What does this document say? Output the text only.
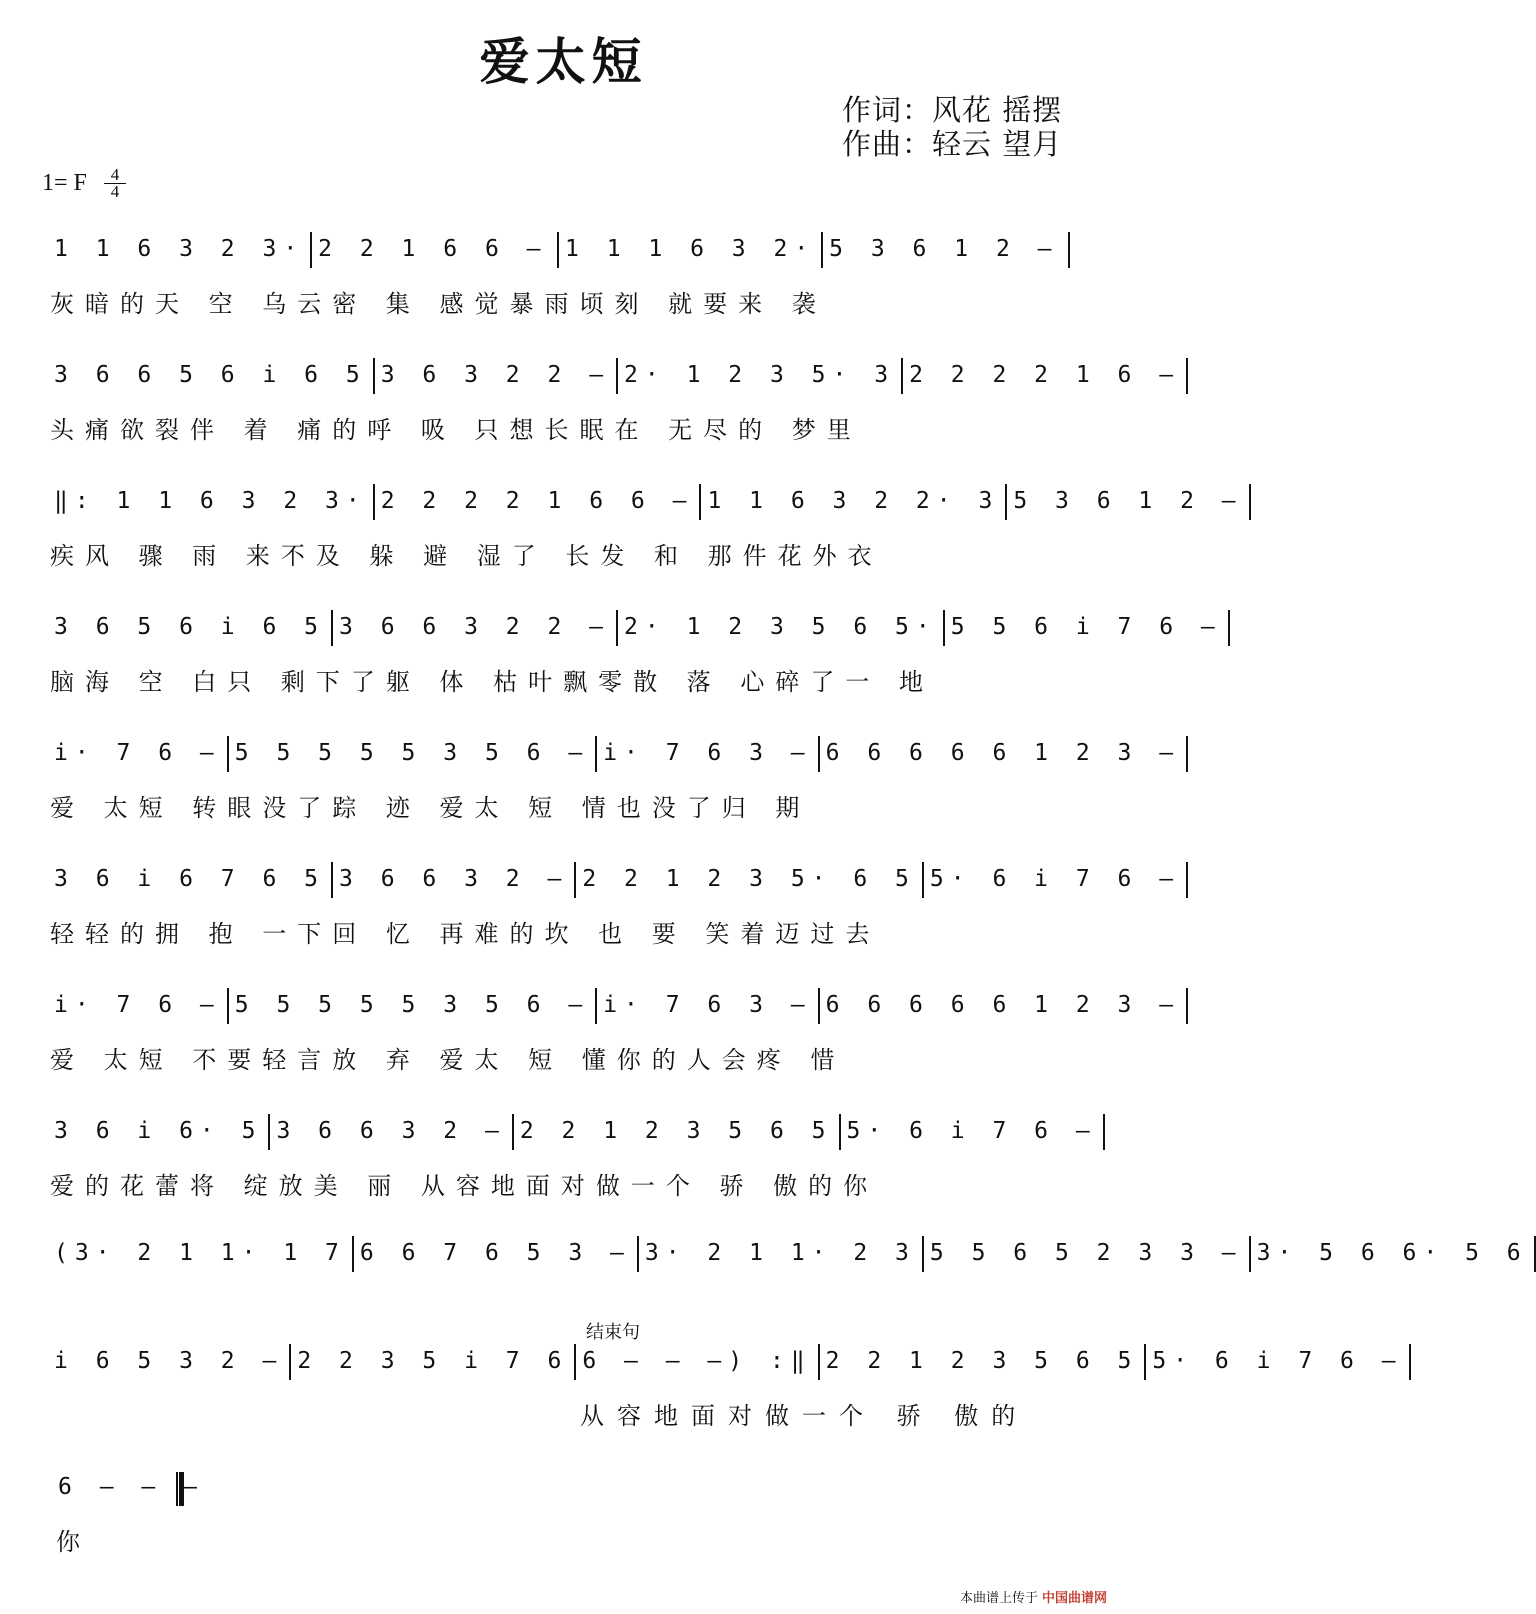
爱太短
作词：风花 摇摆
作曲：轻云 望月
1= F $\frac{4}{4}$
1 1 6 3 2 3· 2 2 1 6 6 – 1 1 1 6 3 2· 5 3 6 1 2 –
灰暗的天 空 乌云密 集 感觉暴雨顷刻 就要来 袭
3 6 6 5 6 i 6 5 3 6 3 2 2 – 2· 1 2 3 5· 3 2 2 2 2 1 6 –
头痛欲裂伴 着 痛的呼 吸 只想长眠在 无尽的 梦里
‖: 1 1 6 3 2 3· 2 2 2 2 1 6 6 – 1 1 6 3 2 2· 3 5 3 6 1 2 –
疾风 骤 雨 来不及 躲 避 湿了 长发 和 那件花外衣
3 6 5 6 i 6 5 3 6 6 3 2 2 – 2· 1 2 3 5 6 5· 5 5 6 i 7 6 –
脑海 空 白只 剩下了躯 体 枯叶飘零散 落 心碎了一 地
i· 7 6 – 5 5 5 5 5 3 5 6 – i· 7 6 3 – 6 6 6 6 6 1 2 3 –
爱 太短 转眼没了踪 迹 爱太 短 情也没了归 期
3 6 i 6 7 6 5 3 6 6 3 2 – 2 2 1 2 3 5· 6 5 5· 6 i 7 6 –
轻轻的拥 抱 一下回 忆 再难的坎 也 要 笑着迈过去
i· 7 6 – 5 5 5 5 5 3 5 6 – i· 7 6 3 – 6 6 6 6 6 1 2 3 –
爱 太短 不要轻言放 弃 爱太 短 懂你的人会疼 惜
3 6 i 6· 5 3 6 6 3 2 – 2 2 1 2 3 5 6 5 5· 6 i 7 6 –
爱的花蕾将 绽放美 丽 从容地面对做一个 骄 傲的你
(3· 2 1 1· 1 7 6 6 7 6 5 3 – 3· 2 1 1· 2 3 5 5 6 5 2 3 3 – 3· 5 6 6· 5 6
i 6 5 3 2 – 2 2 3 5 i 7 6 6 – – –) :‖ 2 2 1 2 3 5 6 5 5· 6 i 7 6 –
结束句
从容地面对做一个 骄 傲的
6 – – –
你
本曲谱上传于 中国曲谱网
